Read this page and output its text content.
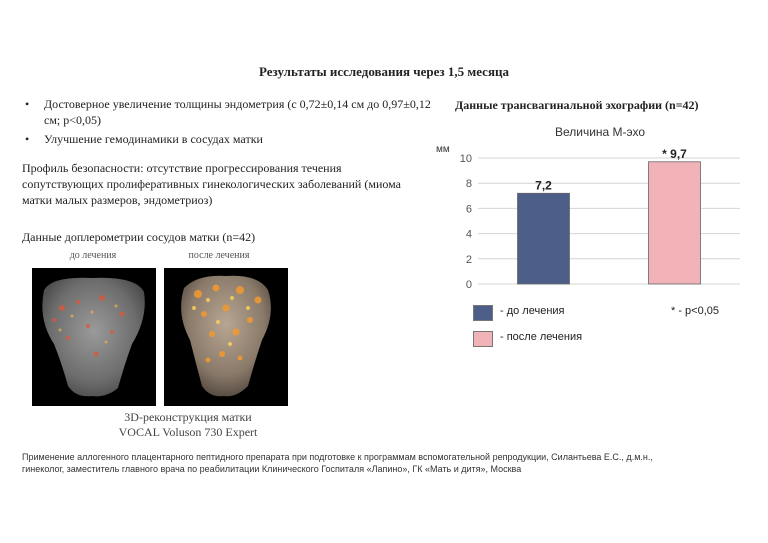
Результаты исследования через 1,5 месяца
• Достоверное увеличение толщины эндометрия (с 0,72±0,14 см до 0,97±0,12 см; p<0,05)
• Улучшение гемодинамики в сосудах матки
Профиль безопасности: отсутствие прогрессирования течения сопутствующих пролиферативных гинекологических заболеваний (миома матки малых размеров, эндометриоз)
Данные доплерометрии сосудов матки (n=42)
до лечения	после лечения
3D-реконструкция матки
VOCAL Voluson 730 Expert
Данные трансвагинальной эхографии (n=42)
Величина М-эхо
мм
0
2
4
6
8
10
7,2
* 9,7
- до лечения
- после лечения
* - p<0,05
Применение аллогенного плацентарного пептидного препарата при подготовке к программам вспомогательной репродукции, Силантьева Е.С., д.м.н., гинеколог, заместитель главного врача по реабилитации Клинического Госпиталя «Лапино», ГК «Мать и дитя», Москва
